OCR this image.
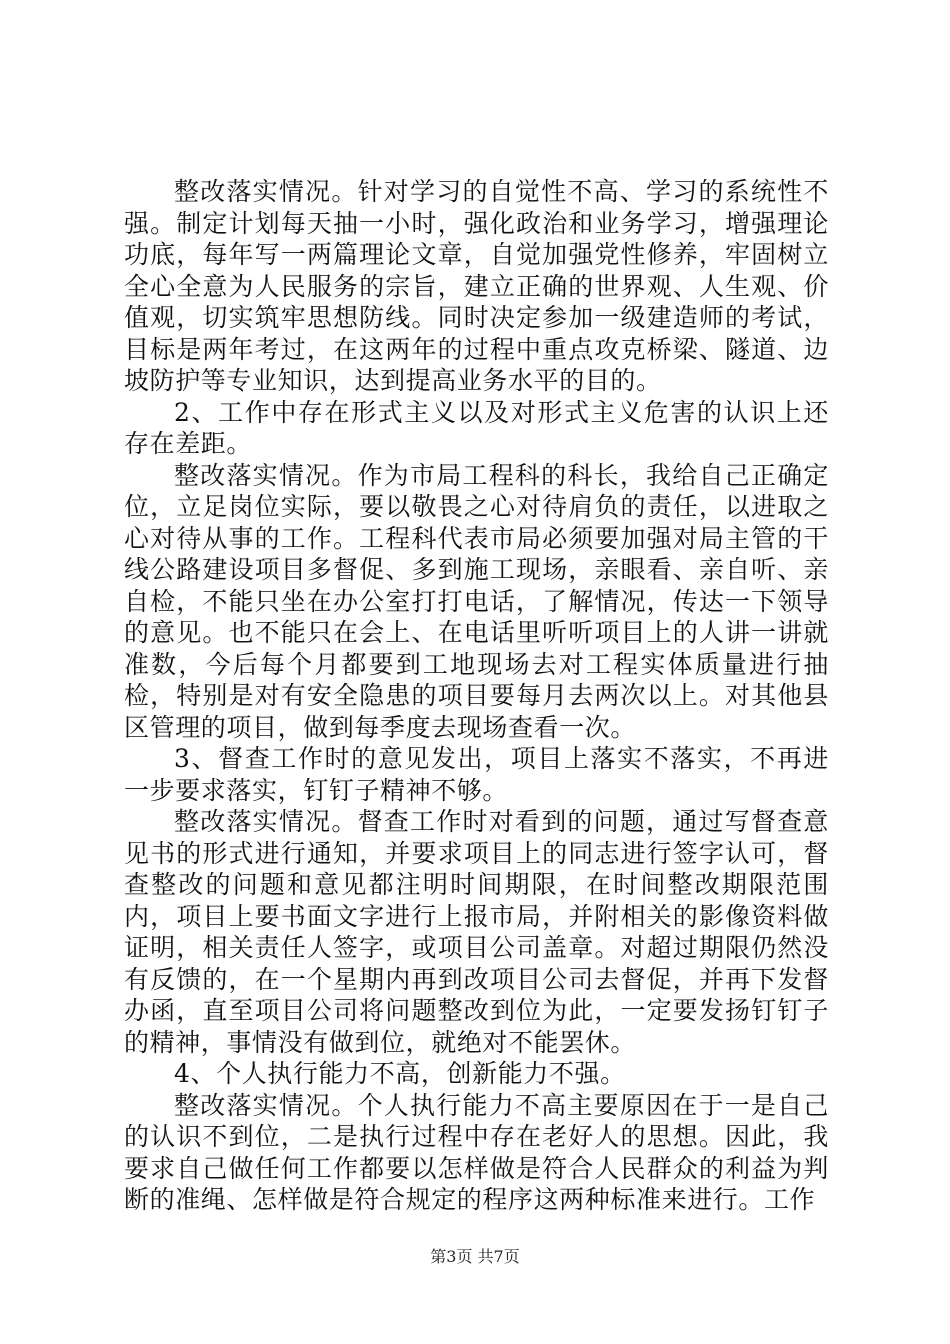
整改落实情况。针对学习的自觉性不高、学习的系统性不强。制定计划每天抽一小时，强化政治和业务学习，增强理论功底，每年写一两篇理论文章，自觉加强党性修养，牢固树立全心全意为人民服务的宗旨，建立正确的世界观、人生观、价值观，切实筑牢思想防线。同时决定参加一级建造师的考试，目标是两年考过，在这两年的过程中重点攻克桥梁、隧道、边坡防护等专业知识，达到提高业务水平的目的。

2、工作中存在形式主义以及对形式主义危害的认识上还存在差距。

整改落实情况。作为市局工程科的科长，我给自己正确定位，立足岗位实际，要以敬畏之心对待肩负的责任，以进取之心对待从事的工作。工程科代表市局必须要加强对局主管的干线公路建设项目多督促、多到施工现场，亲眼看、亲自听、亲自检，不能只坐在办公室打打电话，了解情况，传达一下领导的意见。也不能只在会上、在电话里听听项目上的人讲一讲就准数，今后每个月都要到工地现场去对工程实体质量进行抽检，特别是对有安全隐患的项目要每月去两次以上。对其他县区管理的项目，做到每季度去现场查看一次。

3、督查工作时的意见发出，项目上落实不落实，不再进一步要求落实，钉钉子精神不够。

整改落实情况。督查工作时对看到的问题，通过写督查意见书的形式进行通知，并要求项目上的同志进行签字认可，督查整改的问题和意见都注明时间期限，在时间整改期限范围内，项目上要书面文字进行上报市局，并附相关的影像资料做证明，相关责任人签字，或项目公司盖章。对超过期限仍然没有反馈的，在一个星期内再到改项目公司去督促，并再下发督办函，直至项目公司将问题整改到位为此，一定要发扬钉钉子的精神，事情没有做到位，就绝对不能罢休。

4、个人执行能力不高，创新能力不强。

整改落实情况。个人执行能力不高主要原因在于一是自己的认识不到位，二是执行过程中存在老好人的思想。因此，我要求自己做任何工作都要以怎样做是符合人民群众的利益为判断的准绳、怎样做是符合规定的程序这两种标准来进行。工作

第3页 共7页
